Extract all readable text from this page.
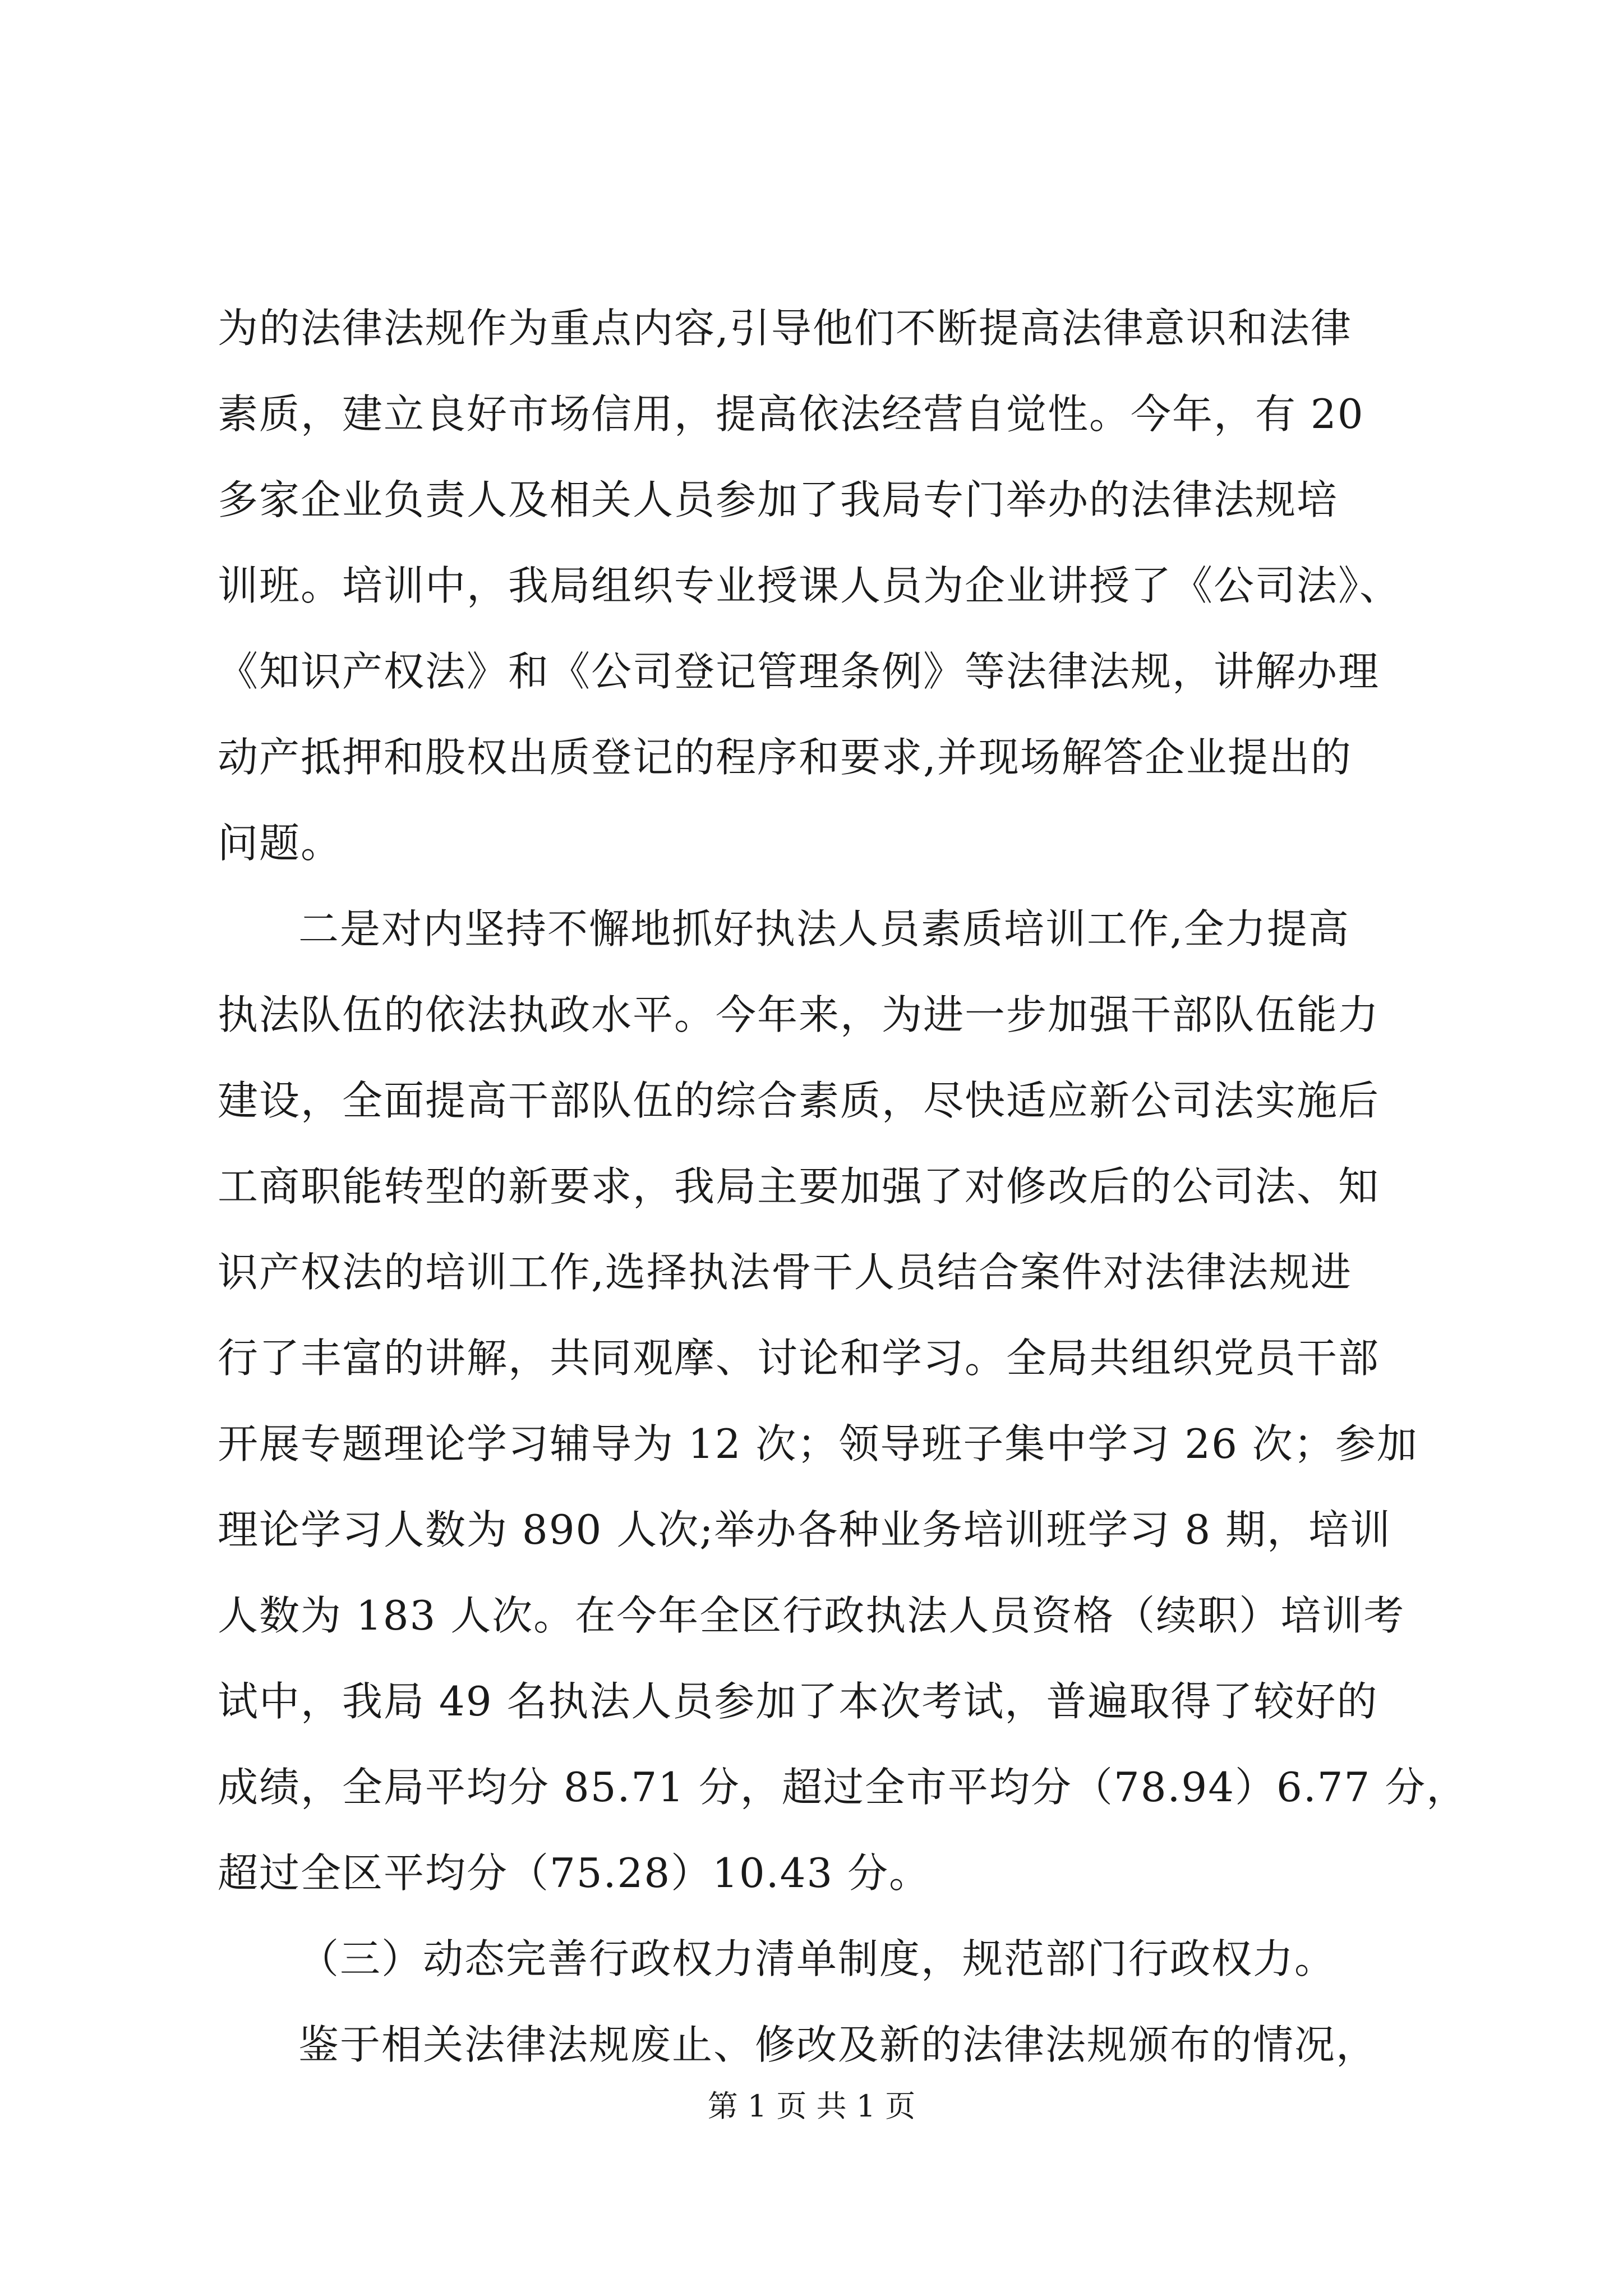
为的法律法规作为重点内容,引导他们不断提高法律意识和法律
素质，建立良好市场信用，提高依法经营自觉性。今年，有 20
多家企业负责人及相关人员参加了我局专门举办的法律法规培
训班。培训中，我局组织专业授课人员为企业讲授了《公司法》、
《知识产权法》和《公司登记管理条例》等法律法规，讲解办理
动产抵押和股权出质登记的程序和要求,并现场解答企业提出的
问题。
二是对内坚持不懈地抓好执法人员素质培训工作,全力提高
执法队伍的依法执政水平。今年来，为进一步加强干部队伍能力
建设，全面提高干部队伍的综合素质，尽快适应新公司法实施后
工商职能转型的新要求，我局主要加强了对修改后的公司法、知
识产权法的培训工作,选择执法骨干人员结合案件对法律法规进
行了丰富的讲解，共同观摩、讨论和学习。全局共组织党员干部
开展专题理论学习辅导为 12 次；领导班子集中学习 26 次；参加
理论学习人数为 890 人次;举办各种业务培训班学习 8 期，培训
人数为 183 人次。在今年全区行政执法人员资格（续职）培训考
试中，我局 49 名执法人员参加了本次考试，普遍取得了较好的
成绩，全局平均分 85.71 分，超过全市平均分（78.94）6.77 分，
超过全区平均分（75.28）10.43 分。
（三）动态完善行政权力清单制度，规范部门行政权力。
鉴于相关法律法规废止、修改及新的法律法规颁布的情况，
第 1 页 共 1 页
